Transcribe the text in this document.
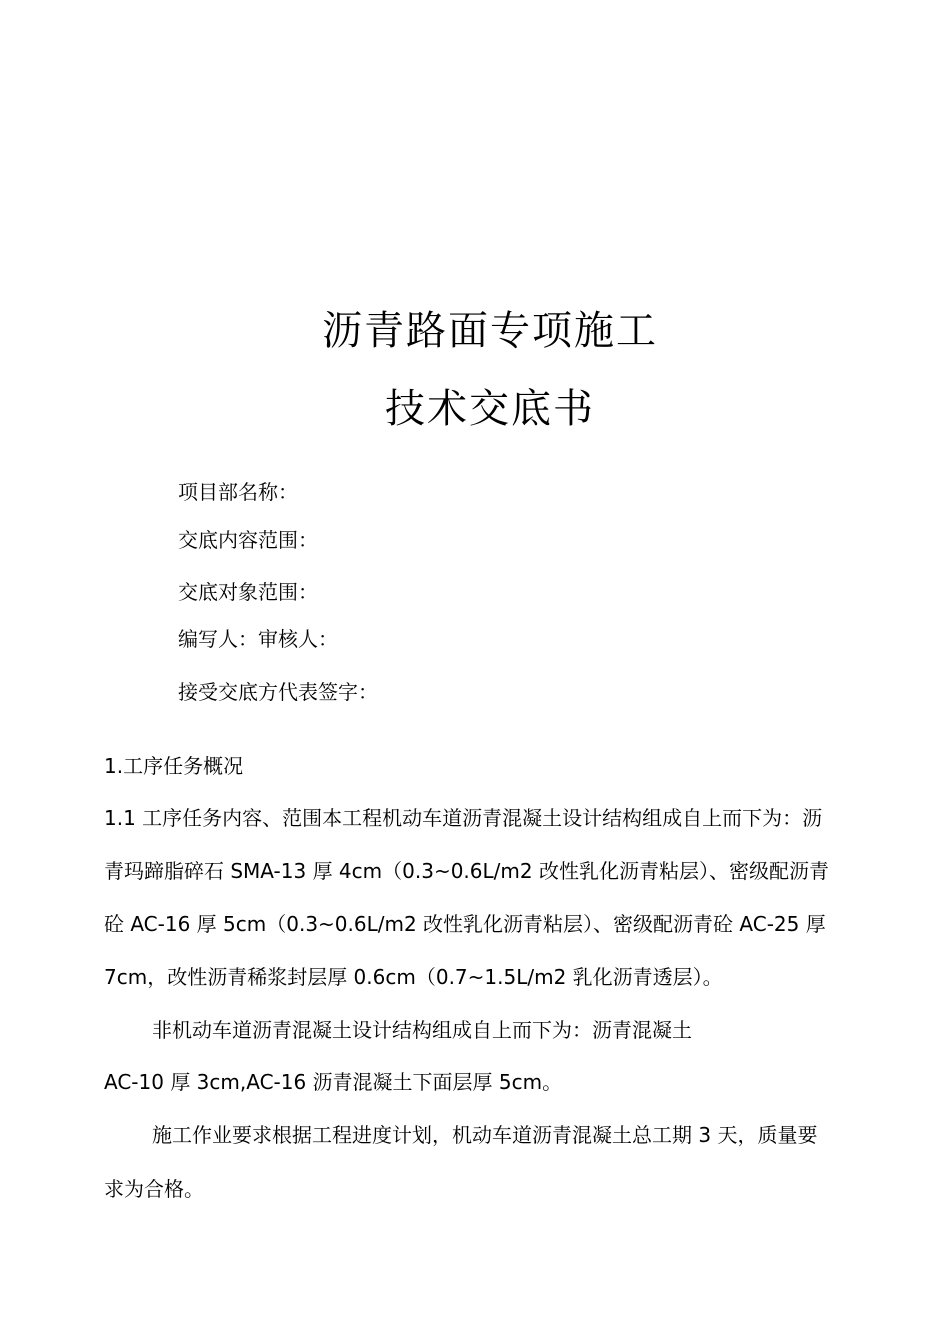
沥青路面专项施工
技术交底书
项目部名称：
交底内容范围：
交底对象范围：
编写人：审核人：
接受交底方代表签字：
1.工序任务概况
1.1 工序任务内容、范围本工程机动车道沥青混凝土设计结构组成自上而下为：沥
青玛蹄脂碎石 SMA-13 厚 4cm（0.3~0.6L/m2 改性乳化沥青粘层）、密级配沥青
砼 AC-16 厚 5cm（0.3~0.6L/m2 改性乳化沥青粘层）、密级配沥青砼 AC-25 厚
7cm，改性沥青稀浆封层厚 0.6cm（0.7~1.5L/m2 乳化沥青透层）。
非机动车道沥青混凝土设计结构组成自上而下为：沥青混凝土
AC-10 厚 3cm,AC-16 沥青混凝土下面层厚 5cm。
施工作业要求根据工程进度计划，机动车道沥青混凝土总工期 3 天，质量要
求为合格。
